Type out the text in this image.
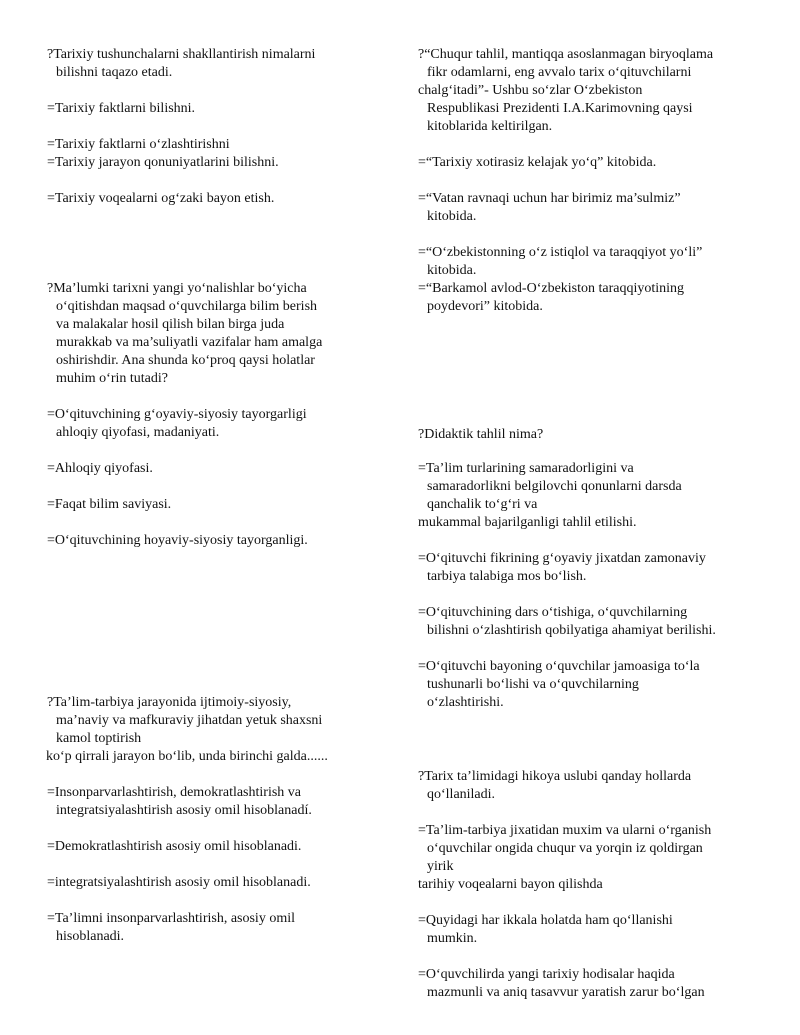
?Tarixiy tushunchalarni shakllantirish nimalarni
bilishni taqazo etadi.
=Tarixiy faktlarni bilishni.
=Tarixiy faktlarni o‘zlashtirishni
=Tarixiy jarayon qonuniyatlarini bilishni.
=Tarixiy voqealarni og‘zaki bayon etish.
?Ma’lumki tarixni yangi yo‘nalishlar bo‘yicha
o‘qitishdan maqsad o‘quvchilarga bilim berish
va malakalar hosil qilish bilan birga juda
murakkab va ma’suliyatli vazifalar ham amalga
oshirishdir. Ana shunda ko‘proq qaysi holatlar
muhim o‘rin tutadi?
=O‘qituvchining g‘oyaviy-siyosiy tayorgarligi
ahloqiy qiyofasi, madaniyati.
=Ahloqiy qiyofasi.
=Faqat bilim saviyasi.
=O‘qituvchining hoyaviy-siyosiy tayorganligi.
?Ta’lim-tarbiya jarayonida ijtimoiy-siyosiy,
ma’naviy va mafkuraviy jihatdan yetuk shaxsni
kamol toptirish
ko‘p qirrali jarayon bo‘lib, unda birinchi galda......
=Insonparvarlashtirish, demokratlashtirish va
integratsiyalashtirish asosiy omil hisoblanadí.
=Demokratlashtirish asosiy omil hisoblanadi.
=integratsiyalashtirish asosiy omil hisoblanadi.
=Ta’limni insonparvarlashtirish, asosiy omil
hisoblanadi.
?“Chuqur tahlil, mantiqqa asoslanmagan biryoqlama
fikr odamlarni, eng avvalo tarix o‘qituvchilarni
chalg‘itadi”- Ushbu so‘zlar O‘zbekiston
Respublikasi Prezidenti I.A.Karimovning qaysi
kitoblarida keltirilgan.
=“Tarixiy xotirasiz kelajak yo‘q” kitobida.
=“Vatan ravnaqi uchun har birimiz ma’sulmiz”
kitobida.
=“O‘zbekistonning o‘z istiqlol va taraqqiyot yo‘li”
kitobida.
=“Barkamol avlod-O‘zbekiston taraqqiyotining
poydevori” kitobida.
?Didaktik tahlil nima?
=Ta’lim turlarining samaradorligini va
samaradorlikni belgilovchi qonunlarni darsda
qanchalik to‘g‘ri va
mukammal bajarilganligi tahlil etilishi.
=O‘qituvchi fikrining g‘oyaviy jixatdan zamonaviy
tarbiya talabiga mos bo‘lish.
=O‘qituvchining dars o‘tishiga, o‘quvchilarning
bilishni o‘zlashtirish qobilyatiga ahamiyat berilishi.
=O‘qituvchi bayoning o‘quvchilar jamoasiga to‘la
tushunarli bo‘lishi va o‘quvchilarning
o‘zlashtirishi.
?Tarix ta’limidagi hikoya uslubi qanday hollarda
qo‘llaniladi.
=Ta’lim-tarbiya jixatidan muxim va ularni o‘rganish
o‘quvchilar ongida chuqur va yorqin iz qoldirgan
yirik
tarihiy voqealarni bayon qilishda
=Quyidagi har ikkala holatda ham qo‘llanishi
mumkin.
=O‘quvchilirda yangi tarixiy hodisalar haqida
mazmunli va aniq tasavvur yaratish zarur bo‘lgan
